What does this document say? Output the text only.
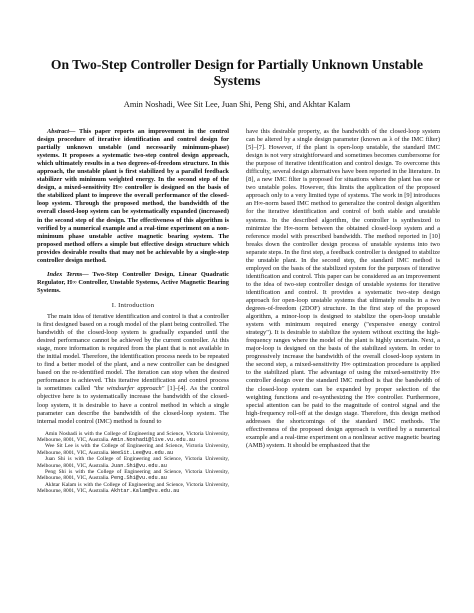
On Two-Step Controller Design for Partially Unknown Unstable Systems
Amin Noshadi, Wee Sit Lee, Juan Shi, Peng Shi, and Akhtar Kalam

Abstract— This paper reports an improvement in the control design procedure of iterative identification and control design for partially unknown unstable (and necessarily minimum-phase) systems. It proposes a systematic two-step control design approach, which ultimately results in a two degrees-of-freedom structure. In this approach, the unstable plant is first stabilized by a parallel feedback stabilizer with minimum weighted energy. In the second step of the design, a mixed-sensitivity H∞ controller is designed on the basis of the stabilized plant to improve the overall performance of the closed-loop system. Through the proposed method, the bandwidth of the overall closed-loop system can be systematically expanded (increased) in the second step of the design. The effectiveness of this algorithm is verified by a numerical example and a real-time experiment on a non-minimum phase unstable active magnetic bearing system. The proposed method offers a simple but effective design structure which provides desirable results that may not be achievable by a single-step controller design method.

Index Terms— Two-Step Controller Design, Linear Quadratic Regulator, H∞ Controller, Unstable Systems, Active Magnetic Bearing Systems.

I. Introduction

The main idea of iterative identification and control is that a controller is first designed based on a rough model of the plant being controlled. The bandwidth of the closed-loop system is gradually expanded until the desired performance cannot be achieved by the current controller. At this stage, more information is required from the plant that is not available in the initial model. Therefore, the identification process needs to be repeated to find a better model of the plant, and a new controller can be designed based on the re-identified model. The iteration can stop when the desired performance is achieved. This iterative identification and control process is sometimes called "the windsurfer approach" [1]–[4]. As the control objective here is to systematically increase the bandwidth of the closed-loop system, it is desirable to have a control method in which a single parameter can describe the bandwidth of the closed-loop system. The internal model control (IMC) method is found to

Amin Noshadi is with the College of Engineering and Science, Victoria University, Melbourne, 8001, VIC, Australia. Amin.Noshadi@live.vu.edu.au

Wee Sit Lee is with the College of Engineering and Science, Victoria University, Melbourne, 8001, VIC, Australia. WeeSit.Lee@vu.edu.au

Juan Shi is with the College of Engineering and Science, Victoria University, Melbourne, 8001, VIC, Australia. Juan.Shi@vu.edu.au

Peng Shi is with the College of Engineering and Science, Victoria University, Melbourne, 8001, VIC, Australia. Peng.Shi@vu.edu.au

Akhtar Kalam is with the College of Engineering and Science, Victoria University, Melbourne, 8001, VIC, Australia. Akhtar.Kalam@vu.edu.au

have this desirable property, as the bandwidth of the closed-loop system can be altered by a single design parameter (known as λ of the IMC filter) [5]–[7]. However, if the plant is open-loop unstable, the standard IMC design is not very straightforward and sometimes becomes cumbersome for the purpose of iterative identification and control design. To overcome this difficulty, several design alternatives have been reported in the literature. In [8], a new IMC filter is proposed for situations where the plant has one or two unstable poles. However, this limits the application of the proposed approach only to a very limited type of systems. The work in [9] introduces an H∞-norm based IMC method to generalize the control design algorithm for the iterative identification and control of both stable and unstable systems. In the described algorithm, the controller is synthesized to minimize the H∞-norm between the obtained closed-loop system and a reference model with prescribed bandwidth. The method reported in [10] breaks down the controller design process of unstable systems into two separate steps. In the first step, a feedback controller is designed to stabilize the unstable plant. In the second step, the standard IMC method is employed on the basis of the stabilized system for the purposes of iterative identification and control. This paper can be considered as an improvement to the idea of two-step controller design of unstable systems for iterative identification and control. It provides a systematic two-step design approach for open-loop unstable systems that ultimately results in a two degrees-of-freedom (2DOF) structure. In the first step of the proposed algorithm, a minor-loop is designed to stabilize the open-loop unstable system with minimum required energy ("expensive energy control strategy"). It is desirable to stabilize the system without exciting the high-frequency ranges where the model of the plant is highly uncertain. Next, a major-loop is designed on the basis of the stabilized system. In order to progressively increase the bandwidth of the overall closed-loop system in the second step, a mixed-sensitivity H∞ optimization procedure is applied to the stabilized plant. The advantage of using the mixed-sensitivity H∞ controller design over the standard IMC method is that the bandwidth of the closed-loop system can be expanded by proper selection of the weighting functions and re-synthesizing the H∞ controller. Furthermore, special attention can be paid to the magnitude of control signal and the high-frequency roll-off at the design stage. Therefore, this design method addresses the shortcomings of the standard IMC methods. The effectiveness of the proposed design approach is verified by a numerical example and a real-time experiment on a nonlinear active magnetic bearing (AMB) system. It should be emphasized that the
